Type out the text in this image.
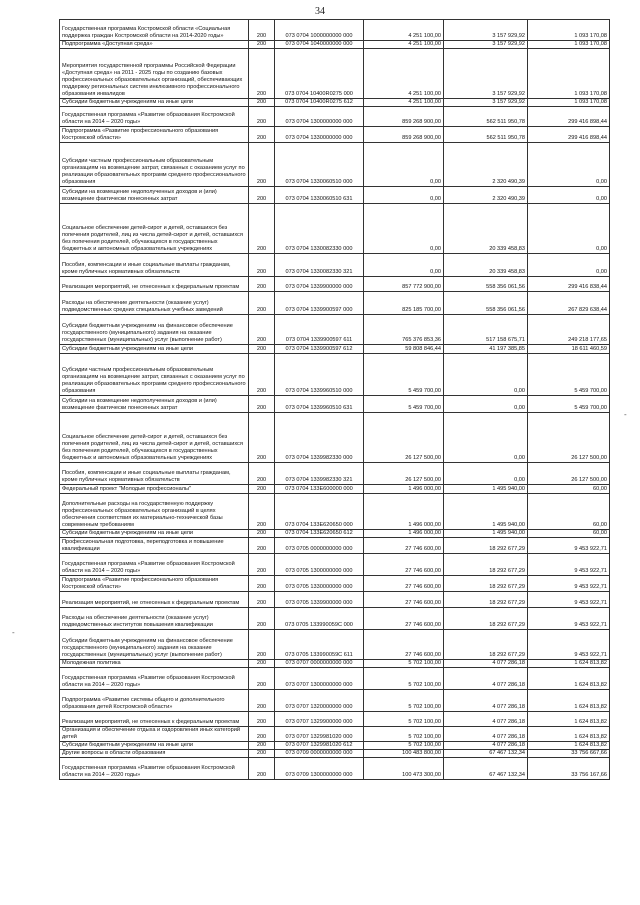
34
-
-
Государственная программа Костромской области «Социальная поддержка граждан Костромской области на 2014-2020 годы»	200	073 0704 1000000000 000	4 251 100,00	3 157 929,92	1 093 170,08
Подпрограмма «Доступная среда»	200	073 0704 1040000000 000	4 251 100,00	3 157 929,92	1 093 170,08
Мероприятия государственной программы Российской Федерации «Доступная среда» на 2011 - 2025 годы по созданию базовых профессиональных образовательных организаций, обеспечивающих поддержку региональных систем инклюзивного профессионального образования инвалидов	200	073 0704 10400R0275 000	4 251 100,00	3 157 929,92	1 093 170,08
Субсидии бюджетным учреждениям на иные цели	200	073 0704 10400R0275 612	4 251 100,00	3 157 929,92	1 093 170,08
Государственная программа «Развитие образования Костромской области на 2014 – 2020 годы»	200	073 0704 1300000000 000	859 268 900,00	562 511 950,78	299 416 898,44
Подпрограмма «Развитие профессионального образования Костромской области»	200	073 0704 1330000000 000	859 268 900,00	562 511 950,78	299 416 898,44
Субсидии частным профессиональным образовательным организациям на возмещение затрат, связанных с оказанием услуг по реализации образовательных программ среднего профессионального образования	200	073 0704 1330060510 000	0,00	2 320 490,39	0,00
Субсидии на возмещение недополученных доходов и (или) возмещение фактически понесенных затрат	200	073 0704 1330060510 631	0,00	2 320 490,39	0,00
Социальное обеспечение детей-сирот и детей, оставшихся без попечения родителей, лиц из числа детей-сирот и детей, оставшихся без попечения родителей, обучающихся в государственных бюджетных и автономных образовательных учреждениях	200	073 0704 1330082330 000	0,00	20 339 458,83	0,00
Пособия, компенсации и иные социальные выплаты гражданам, кроме публичных нормативных обязательств	200	073 0704 1330082330 321	0,00	20 339 458,83	0,00
Реализация мероприятий, не отнесенных к федеральным проектам	200	073 0704 1339900000 000	857 772 900,00	558 356 061,56	299 416 838,44
Расходы на обеспечение деятельности (оказание услуг) подведомственных средних специальных учебных заведений	200	073 0704 1339900597 000	825 185 700,00	558 356 061,56	267 829 638,44
Субсидии бюджетным учреждениям на финансовое обеспечение государственного (муниципального) задания на оказание государственных (муниципальных) услуг (выполнение работ)	200	073 0704 1339900597 611	765 376 853,36	517 158 675,71	249 218 177,65
Субсидии бюджетным учреждениям на иные цели	200	073 0704 1339900597 612	59 808 846,44	41 197 385,85	18 611 460,59
Субсидии частным профессиональным образовательным организациям на возмещение затрат, связанных с оказанием услуг по реализации образовательных программ среднего профессионального образования	200	073 0704 1339960510 000	5 459 700,00	0,00	5 459 700,00
Субсидии на возмещение недополученных доходов и (или) возмещение фактически понесенных затрат	200	073 0704 1339960510 631	5 459 700,00	0,00	5 459 700,00
Социальное обеспечение детей-сирот и детей, оставшихся без попечения родителей, лиц из числа детей-сирот и детей, оставшихся без попечения родителей, обучающихся в государственных бюджетных и автономных образовательных учреждениях	200	073 0704 1339982330 000	26 127 500,00	0,00	26 127 500,00
Пособия, компенсации и иные социальные выплаты гражданам, кроме публичных нормативных обязательств	200	073 0704 1339982330 321	26 127 500,00	0,00	26 127 500,00
Федеральный проект "Молодые профессионалы"	200	073 0704 133E600000 000	1 496 000,00	1 495 940,00	60,00
Дополнительные расходы на государственную поддержку профессиональных образовательных организаций в целях обеспечения соответствия их материально-технической базы современным требованиям	200	073 0704 133E620650 000	1 496 000,00	1 495 940,00	60,00
Субсидии бюджетным учреждениям на иные цели	200	073 0704 133E620650 612	1 496 000,00	1 495 940,00	60,00
Профессиональная подготовка, переподготовка и повышение квалификации	200	073 0705 0000000000 000	27 746 600,00	18 292 677,29	9 453 922,71
Государственная программа «Развитие образования Костромской области на 2014 – 2020 годы»	200	073 0705 1300000000 000	27 746 600,00	18 292 677,29	9 453 922,71
Подпрограмма «Развитие профессионального образования Костромской области»	200	073 0705 1330000000 000	27 746 600,00	18 292 677,29	9 453 922,71
Реализация мероприятий, не отнесенных к федеральным проектам	200	073 0705 1339900000 000	27 746 600,00	18 292 677,29	9 453 922,71
Расходы на обеспечение деятельности (оказание услуг) подведомственных институтов повышения квалификации	200	073 0705 133990059C 000	27 746 600,00	18 292 677,29	9 453 922,71
Субсидии бюджетным учреждениям на финансовое обеспечение государственного (муниципального) задания на оказание государственных (муниципальных) услуг (выполнение работ)	200	073 0705 133990059C 611	27 746 600,00	18 292 677,29	9 453 922,71
Молодежная политика	200	073 0707 0000000000 000	5 702 100,00	4 077 286,18	1 624 813,82
Государственная программа «Развитие образования Костромской области на 2014 – 2020 годы»	200	073 0707 1300000000 000	5 702 100,00	4 077 286,18	1 624 813,82
Подпрограмма «Развитие системы общего и дополнительного образования детей Костромской области»	200	073 0707 1320000000 000	5 702 100,00	4 077 286,18	1 624 813,82
Реализация мероприятий, не отнесенных к федеральным проектам	200	073 0707 1329900000 000	5 702 100,00	4 077 286,18	1 624 813,82
Организация и обеспечение отдыха и оздоровления иных категорий детей	200	073 0707 1329981020 000	5 702 100,00	4 077 286,18	1 624 813,82
Субсидии бюджетным учреждениям на иные цели	200	073 0707 1329981020 612	5 702 100,00	4 077 286,18	1 624 813,82
Другие вопросы в области образования	200	073 0709 0000000000 000	100 483 800,00	67 467 132,34	33 756 667,66
Государственная программа «Развитие образования Костромской области на 2014 – 2020 годы»	200	073 0709 1300000000 000	100 473 300,00	67 467 132,34	33 756 167,66
